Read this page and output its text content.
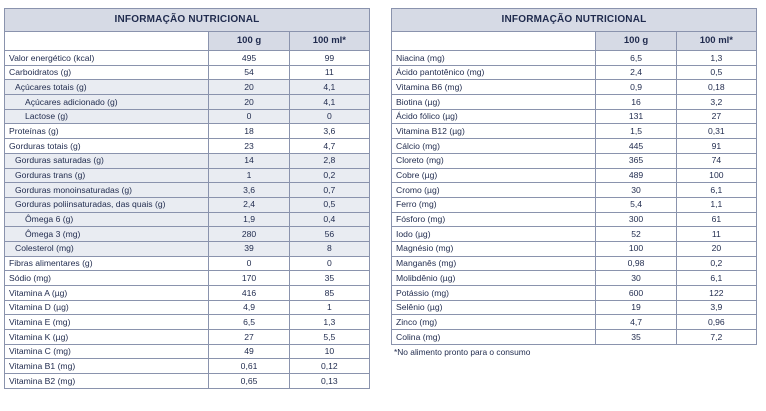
INFORMAÇÃO NUTRICIONAL		
	100 g	100 ml*
Valor energético (kcal)	495	99
Carboidratos (g)	54	11
Açúcares totais (g)	20	4,1
Açúcares adicionado (g)	20	4,1
Lactose (g)	0	0
Proteínas (g)	18	3,6
Gorduras totais (g)	23	4,7
Gorduras saturadas (g)	14	2,8
Gorduras trans (g)	1	0,2
Gorduras monoinsaturadas (g)	3,6	0,7
Gorduras poliinsaturadas, das quais (g)	2,4	0,5
Ômega 6 (g)	1,9	0,4
Ômega 3 (mg)	280	56
Colesterol (mg)	39	8
Fibras alimentares (g)	0	0
Sódio (mg)	170	35
Vitamina A (µg)	416	85
Vitamina D (µg)	4,9	1
Vitamina E (mg)	6,5	1,3
Vitamina K (µg)	27	5,5
Vitamina C (mg)	49	10
Vitamina B1 (mg)	0,61	0,12
Vitamina B2 (mg)	0,65	0,13
INFORMAÇÃO NUTRICIONAL		
	100 g	100 ml*
Niacina (mg)	6,5	1,3
Ácido pantotênico (mg)	2,4	0,5
Vitamina B6 (mg)	0,9	0,18
Biotina (µg)	16	3,2
Ácido fólico (µg)	131	27
Vitamina B12 (µg)	1,5	0,31
Cálcio (mg)	445	91
Cloreto (mg)	365	74
Cobre (µg)	489	100
Cromo (µg)	30	6,1
Ferro (mg)	5,4	1,1
Fósforo (mg)	300	61
Iodo (µg)	52	11
Magnésio (mg)	100	20
Manganês (mg)	0,98	0,2
Molibdênio (µg)	30	6,1
Potássio (mg)	600	122
Selênio (µg)	19	3,9
Zinco (mg)	4,7	0,96
Colina (mg)	35	7,2
*No alimento pronto para o consumo
